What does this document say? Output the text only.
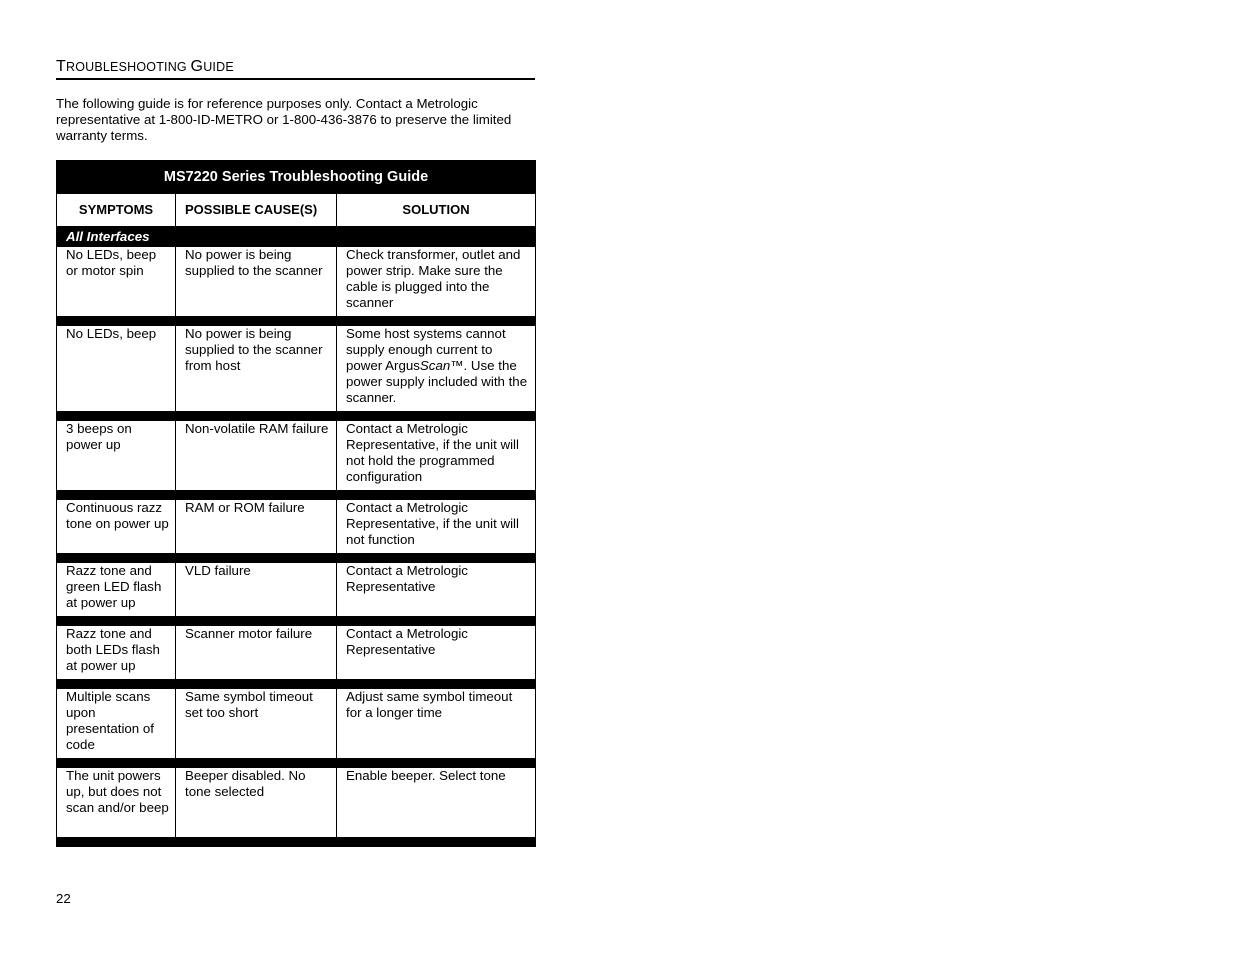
TROUBLESHOOTING GUIDE
The following guide is for reference purposes only. Contact a Metrologic representative at 1-800-ID-METRO or 1-800-436-3876 to preserve the limited warranty terms.
MS7220 Series Troubleshooting Guide		
SYMPTOMS	POSSIBLE CAUSE(S)	SOLUTION
All Interfaces		
No LEDs, beep or motor spin	No power is being supplied to the scanner	Check transformer, outlet and power strip. Make sure the cable is plugged into the scanner

No LEDs, beep	No power is being supplied to the scanner from host	Some host systems cannot supply enough current to power ArgusScan™. Use the power supply included with the scanner.

3 beeps on power up	Non-volatile RAM failure	Contact a Metrologic Representative, if the unit will not hold the programmed configuration

Continuous razz tone on power up	RAM or ROM failure	Contact a Metrologic Representative, if the unit will not function

Razz tone and green LED flash at power up	VLD failure	Contact a Metrologic Representative

Razz tone and both LEDs flash at power up	Scanner motor failure	Contact a Metrologic Representative

Multiple scans upon presentation of code	Same symbol timeout set too short	Adjust same symbol timeout for a longer time

The unit powers up, but does not scan and/or beep	Beeper disabled. No tone selected	Enable beeper. Select tone

22
